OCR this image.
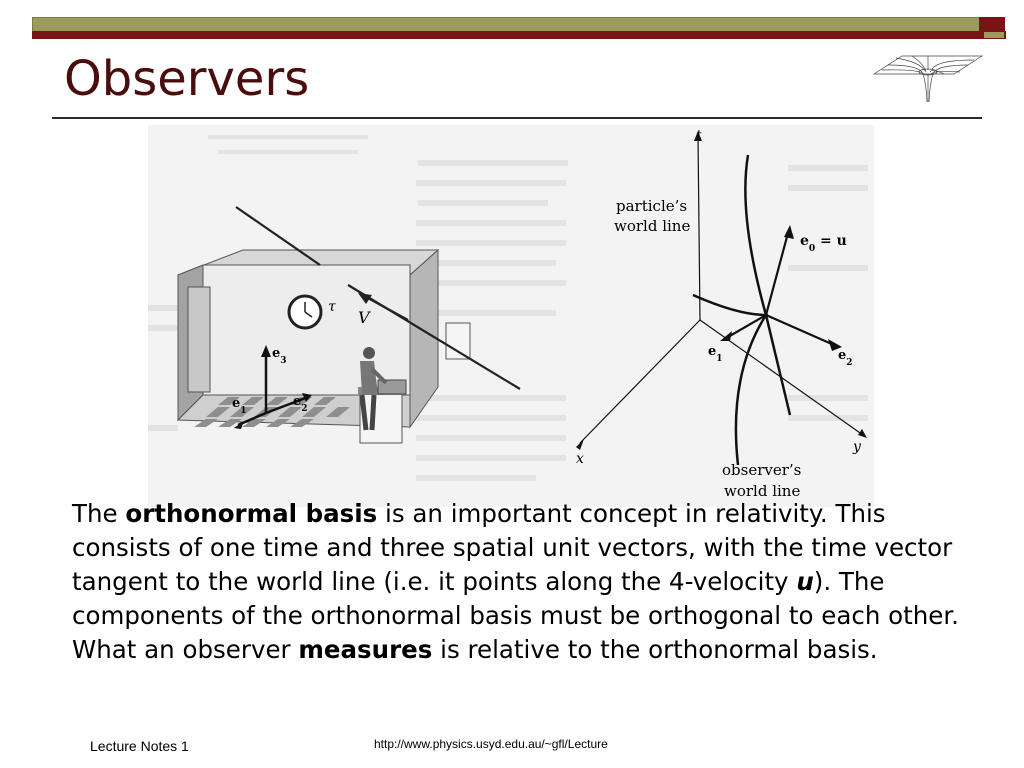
Observers
τ
V
$e_3$
$e_1$
$e_2$
t
x
y
$e_0 = u$
$e_1$	$e_2$
particle’s
world line
observer’s
world line
The orthonormal basis is an important concept in relativity. This consists of one time and three spatial unit vectors, with the time vector tangent to the world line (i.e. it points along the 4-velocity u). The components of the orthonormal basis must be orthogonal to each other. What an observer measures is relative to the orthonormal basis.
Lecture Notes 1	http://www.physics.usyd.edu.au/~gfl/Lecture
